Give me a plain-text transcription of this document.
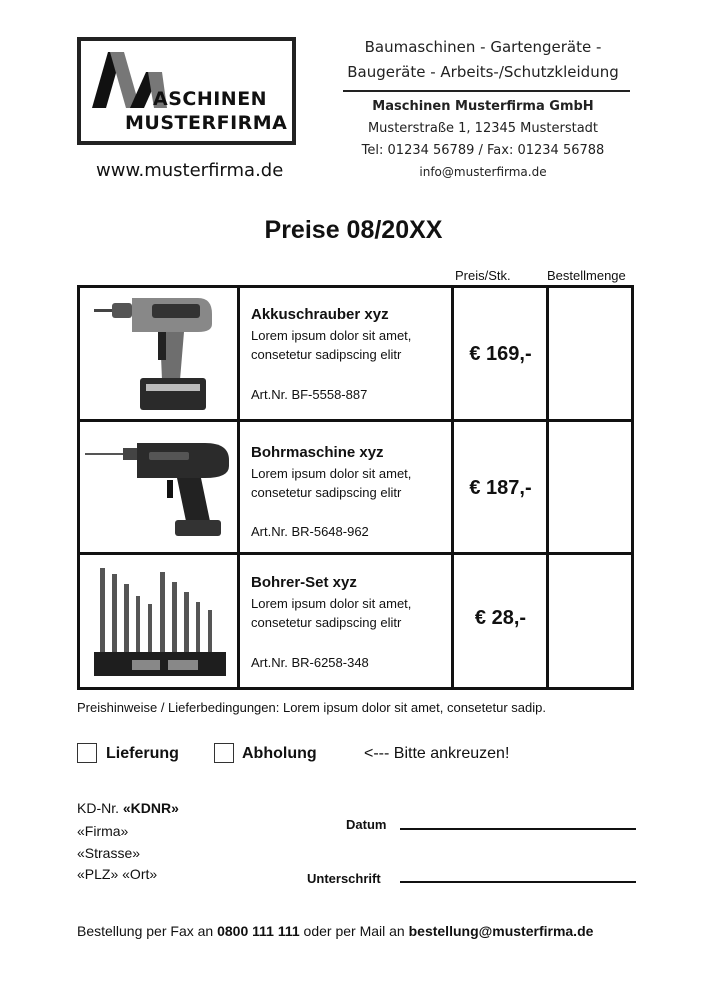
ASCHINEN
MUSTERFIRMA
www.musterfirma.de
Baumaschinen - Gartengeräte -
Baugeräte - Arbeits-/Schutzkleidung
Maschinen Musterfirma GmbH
Musterstraße 1, 12345 Musterstadt
Tel: 01234 56789 / Fax: 01234 56788
info@musterfirma.de
Preise 08/20XX
Preis/Stk.	Bestellmenge
Akkuschrauber xyz
Lorem ipsum dolor sit amet,
consetetur sadipscing elitr
Art.Nr. BF-5558-887
€ 169,-
Bohrmaschine xyz
Lorem ipsum dolor sit amet,
consetetur sadipscing elitr
Art.Nr. BR-5648-962
€ 187,-
Bohrer-Set xyz
Lorem ipsum dolor sit amet,
consetetur sadipscing elitr
Art.Nr. BR-6258-348
€ 28,-
Preishinweise / Lieferbedingungen: Lorem ipsum dolor sit amet, consetetur sadip.
Lieferung	Abholung	<--- Bitte ankreuzen!
KD-Nr. «KDNR»
«Firma»
«Strasse»
«PLZ» «Ort»
Datum
Unterschrift
Bestellung per Fax an 0800 111 111 oder per Mail an bestellung@musterfirma.de
